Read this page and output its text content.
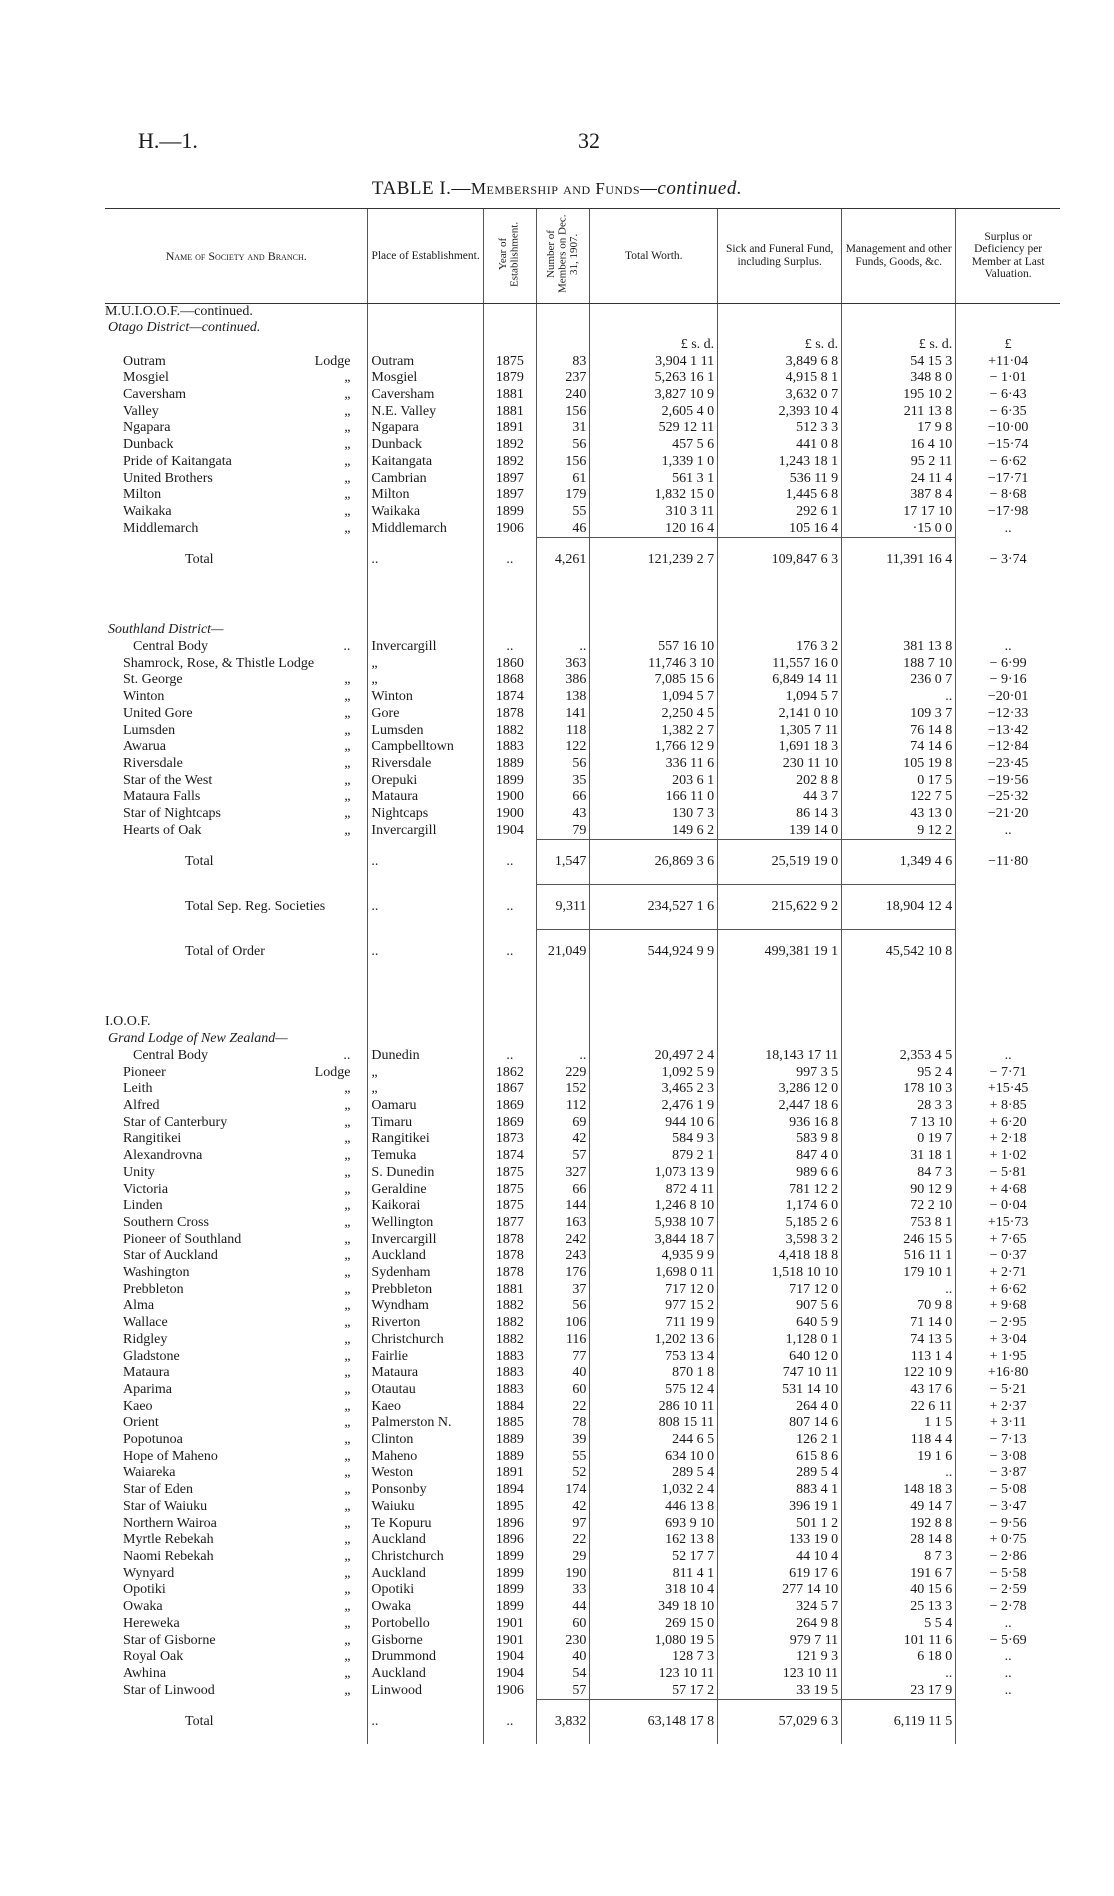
H.—1.	32
TABLE I.—Membership and Funds—continued.
Name of Society and Branch.	Place of Establishment.	Year of Establishment.	Number of Members on Dec. 31, 1907.	Total Worth.	Sick and Funeral Fund, including Surplus.	Management and other Funds, Goods, &c.	Surplus or Deficiency per Member at Last Valuation.
M.U.I.O.O.F.—continued.							
Otago District—continued.							
				£ s. d.	£ s. d.	£ s. d.	£

Outram Lodge	Outram	1875	83	3,904 1 11	3,849 6 8	54 15 3	+11·04

Mosgiel „	Mosgiel	1879	237	5,263 16 1	4,915 8 1	348 8 0	− 1·01

Caversham „	Caversham	1881	240	3,827 10 9	3,632 0 7	195 10 2	− 6·43

Valley „	N.E. Valley	1881	156	2,605 4 0	2,393 10 4	211 13 8	− 6·35

Ngapara „	Ngapara	1891	31	529 12 11	512 3 3	17 9 8	−10·00

Dunback „	Dunback	1892	56	457 5 6	441 0 8	16 4 10	−15·74

Pride of Kaitangata „	Kaitangata	1892	156	1,339 1 0	1,243 18 1	95 2 11	− 6·62

United Brothers „	Cambrian	1897	61	561 3 1	536 11 9	24 11 4	−17·71

Milton „	Milton	1897	179	1,832 15 0	1,445 6 8	387 8 4	− 8·68

Waikaka „	Waikaka	1899	55	310 3 11	292 6 1	17 17 10	−17·98

Middlemarch „	Middlemarch	1906	46	120 16 4	105 16 4	·15 0 0	..
Total	..	..	4,261	121,239 2 7	109,847 6 3	11,391 16 4	− 3·74

Southland District—							

Central Body ..	Invercargill	..	..	557 16 10	176 3 2	381 13 8	..

Shamrock, Rose, & Thistle Lodge	„	1860	363	11,746 3 10	11,557 16 0	188 7 10	− 6·99

St. George „	„	1868	386	7,085 15 6	6,849 14 11	236 0 7	− 9·16

Winton „	Winton	1874	138	1,094 5 7	1,094 5 7	..	−20·01

United Gore „	Gore	1878	141	2,250 4 5	2,141 0 10	109 3 7	−12·33

Lumsden „	Lumsden	1882	118	1,382 2 7	1,305 7 11	76 14 8	−13·42

Awarua „	Campbelltown	1883	122	1,766 12 9	1,691 18 3	74 14 6	−12·84

Riversdale „	Riversdale	1889	56	336 11 6	230 11 10	105 19 8	−23·45

Star of the West „	Orepuki	1899	35	203 6 1	202 8 8	0 17 5	−19·56

Mataura Falls „	Mataura	1900	66	166 11 0	44 3 7	122 7 5	−25·32

Star of Nightcaps „	Nightcaps	1900	43	130 7 3	86 14 3	43 13 0	−21·20

Hearts of Oak „	Invercargill	1904	79	149 6 2	139 14 0	9 12 2	..
Total	..	..	1,547	26,869 3 6	25,519 19 0	1,349 4 6	−11·80

Total Sep. Reg. Societies	..	..	9,311	234,527 1 6	215,622 9 2	18,904 12 4	

Total of Order	..	..	21,049	544,924 9 9	499,381 19 1	45,542 10 8	

I.O.O.F.							
Grand Lodge of New Zealand—							

Central Body ..	Dunedin	..	..	20,497 2 4	18,143 17 11	2,353 4 5	..

Pioneer Lodge	„	1862	229	1,092 5 9	997 3 5	95 2 4	− 7·71

Leith „	„	1867	152	3,465 2 3	3,286 12 0	178 10 3	+15·45

Alfred „	Oamaru	1869	112	2,476 1 9	2,447 18 6	28 3 3	+ 8·85

Star of Canterbury „	Timaru	1869	69	944 10 6	936 16 8	7 13 10	+ 6·20

Rangitikei „	Rangitikei	1873	42	584 9 3	583 9 8	0 19 7	+ 2·18

Alexandrovna „	Temuka	1874	57	879 2 1	847 4 0	31 18 1	+ 1·02

Unity „	S. Dunedin	1875	327	1,073 13 9	989 6 6	84 7 3	− 5·81

Victoria „	Geraldine	1875	66	872 4 11	781 12 2	90 12 9	+ 4·68

Linden „	Kaikorai	1875	144	1,246 8 10	1,174 6 0	72 2 10	− 0·04

Southern Cross „	Wellington	1877	163	5,938 10 7	5,185 2 6	753 8 1	+15·73

Pioneer of Southland „	Invercargill	1878	242	3,844 18 7	3,598 3 2	246 15 5	+ 7·65

Star of Auckland „	Auckland	1878	243	4,935 9 9	4,418 18 8	516 11 1	− 0·37

Washington „	Sydenham	1878	176	1,698 0 11	1,518 10 10	179 10 1	+ 2·71

Prebbleton „	Prebbleton	1881	37	717 12 0	717 12 0	..	+ 6·62

Alma „	Wyndham	1882	56	977 15 2	907 5 6	70 9 8	+ 9·68

Wallace „	Riverton	1882	106	711 19 9	640 5 9	71 14 0	− 2·95

Ridgley „	Christchurch	1882	116	1,202 13 6	1,128 0 1	74 13 5	+ 3·04

Gladstone „	Fairlie	1883	77	753 13 4	640 12 0	113 1 4	+ 1·95

Mataura „	Mataura	1883	40	870 1 8	747 10 11	122 10 9	+16·80

Aparima „	Otautau	1883	60	575 12 4	531 14 10	43 17 6	− 5·21

Kaeo „	Kaeo	1884	22	286 10 11	264 4 0	22 6 11	+ 2·37

Orient „	Palmerston N.	1885	78	808 15 11	807 14 6	1 1 5	+ 3·11

Popotunoa „	Clinton	1889	39	244 6 5	126 2 1	118 4 4	− 7·13

Hope of Maheno „	Maheno	1889	55	634 10 0	615 8 6	19 1 6	− 3·08

Waiareka „	Weston	1891	52	289 5 4	289 5 4	..	− 3·87

Star of Eden „	Ponsonby	1894	174	1,032 2 4	883 4 1	148 18 3	− 5·08

Star of Waiuku „	Waiuku	1895	42	446 13 8	396 19 1	49 14 7	− 3·47

Northern Wairoa „	Te Kopuru	1896	97	693 9 10	501 1 2	192 8 8	− 9·56

Myrtle Rebekah „	Auckland	1896	22	162 13 8	133 19 0	28 14 8	+ 0·75

Naomi Rebekah „	Christchurch	1899	29	52 17 7	44 10 4	8 7 3	− 2·86

Wynyard „	Auckland	1899	190	811 4 1	619 17 6	191 6 7	− 5·58

Opotiki „	Opotiki	1899	33	318 10 4	277 14 10	40 15 6	− 2·59

Owaka „	Owaka	1899	44	349 18 10	324 5 7	25 13 3	− 2·78

Hereweka „	Portobello	1901	60	269 15 0	264 9 8	5 5 4	..

Star of Gisborne „	Gisborne	1901	230	1,080 19 5	979 7 11	101 11 6	− 5·69

Royal Oak „	Drummond	1904	40	128 7 3	121 9 3	6 18 0	..

Awhina „	Auckland	1904	54	123 10 11	123 10 11	..	..

Star of Linwood „	Linwood	1906	57	57 17 2	33 19 5	23 17 9	..
Total	..	..	3,832	63,148 17 8	57,029 6 3	6,119 11 5	
